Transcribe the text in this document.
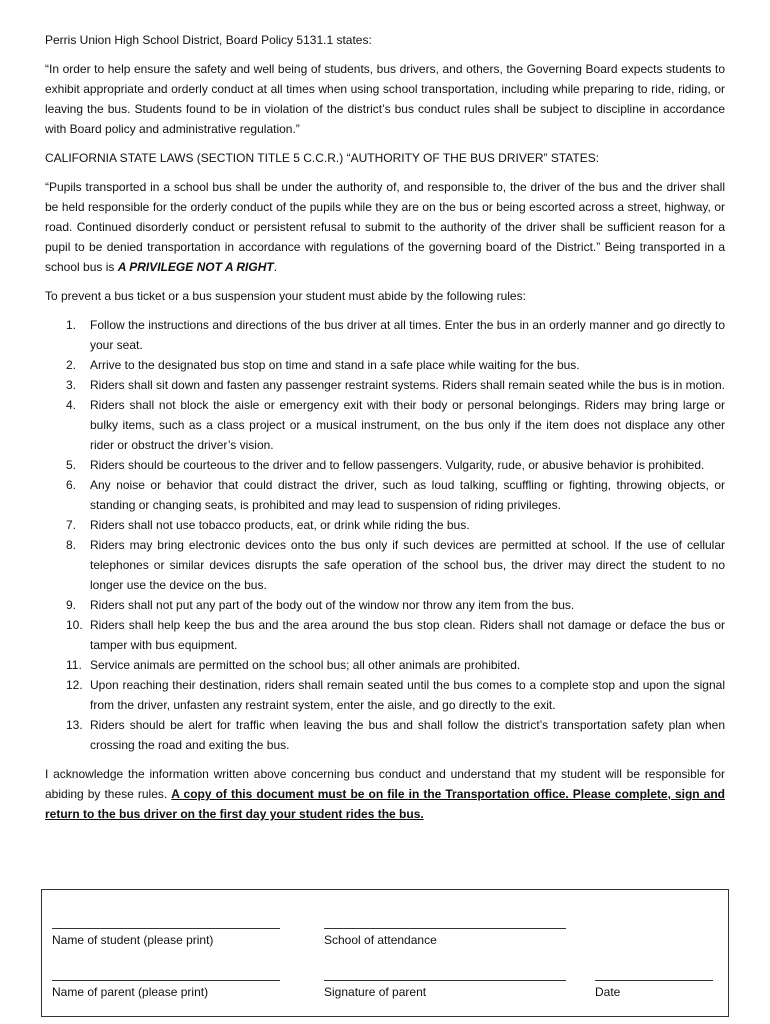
Perris Union High School District, Board Policy 5131.1 states:

“In order to help ensure the safety and well being of students, bus drivers, and others, the Governing Board expects students to exhibit appropriate and orderly conduct at all times when using school transportation, including while preparing to ride, riding, or leaving the bus. Students found to be in violation of the district’s bus conduct rules shall be subject to discipline in accordance with Board policy and administrative regulation.”

CALIFORNIA STATE LAWS (SECTION TITLE 5 C.C.R.) “AUTHORITY OF THE BUS DRIVER” STATES:

“Pupils transported in a school bus shall be under the authority of, and responsible to, the driver of the bus and the driver shall be held responsible for the orderly conduct of the pupils while they are on the bus or being escorted across a street, highway, or road. Continued disorderly conduct or persistent refusal to submit to the authority of the driver shall be sufficient reason for a pupil to be denied transportation in accordance with regulations of the governing board of the District.” Being transported in a school bus is A PRIVILEGE NOT A RIGHT.

To prevent a bus ticket or a bus suspension your student must abide by the following rules:

1. Follow the instructions and directions of the bus driver at all times. Enter the bus in an orderly manner and go directly to your seat.
2. Arrive to the designated bus stop on time and stand in a safe place while waiting for the bus.
3. Riders shall sit down and fasten any passenger restraint systems. Riders shall remain seated while the bus is in motion.
4. Riders shall not block the aisle or emergency exit with their body or personal belongings. Riders may bring large or bulky items, such as a class project or a musical instrument, on the bus only if the item does not displace any other rider or obstruct the driver’s vision.
5. Riders should be courteous to the driver and to fellow passengers. Vulgarity, rude, or abusive behavior is prohibited.
6. Any noise or behavior that could distract the driver, such as loud talking, scuffling or fighting, throwing objects, or standing or changing seats, is prohibited and may lead to suspension of riding privileges.
7. Riders shall not use tobacco products, eat, or drink while riding the bus.
8. Riders may bring electronic devices onto the bus only if such devices are permitted at school. If the use of cellular telephones or similar devices disrupts the safe operation of the school bus, the driver may direct the student to no longer use the device on the bus.
9. Riders shall not put any part of the body out of the window nor throw any item from the bus.
10. Riders shall help keep the bus and the area around the bus stop clean. Riders shall not damage or deface the bus or tamper with bus equipment.
11. Service animals are permitted on the school bus; all other animals are prohibited.
12. Upon reaching their destination, riders shall remain seated until the bus comes to a complete stop and upon the signal from the driver, unfasten any restraint system, enter the aisle, and go directly to the exit.
13. Riders should be alert for traffic when leaving the bus and shall follow the district’s transportation safety plan when crossing the road and exiting the bus.

I acknowledge the information written above concerning bus conduct and understand that my student will be responsible for abiding by these rules. A copy of this document must be on file in the Transportation office. Please complete, sign and return to the bus driver on the first day your student rides the bus.

Name of student (please print)	School of attendance
Name of parent (please print)	Signature of parent	Date
